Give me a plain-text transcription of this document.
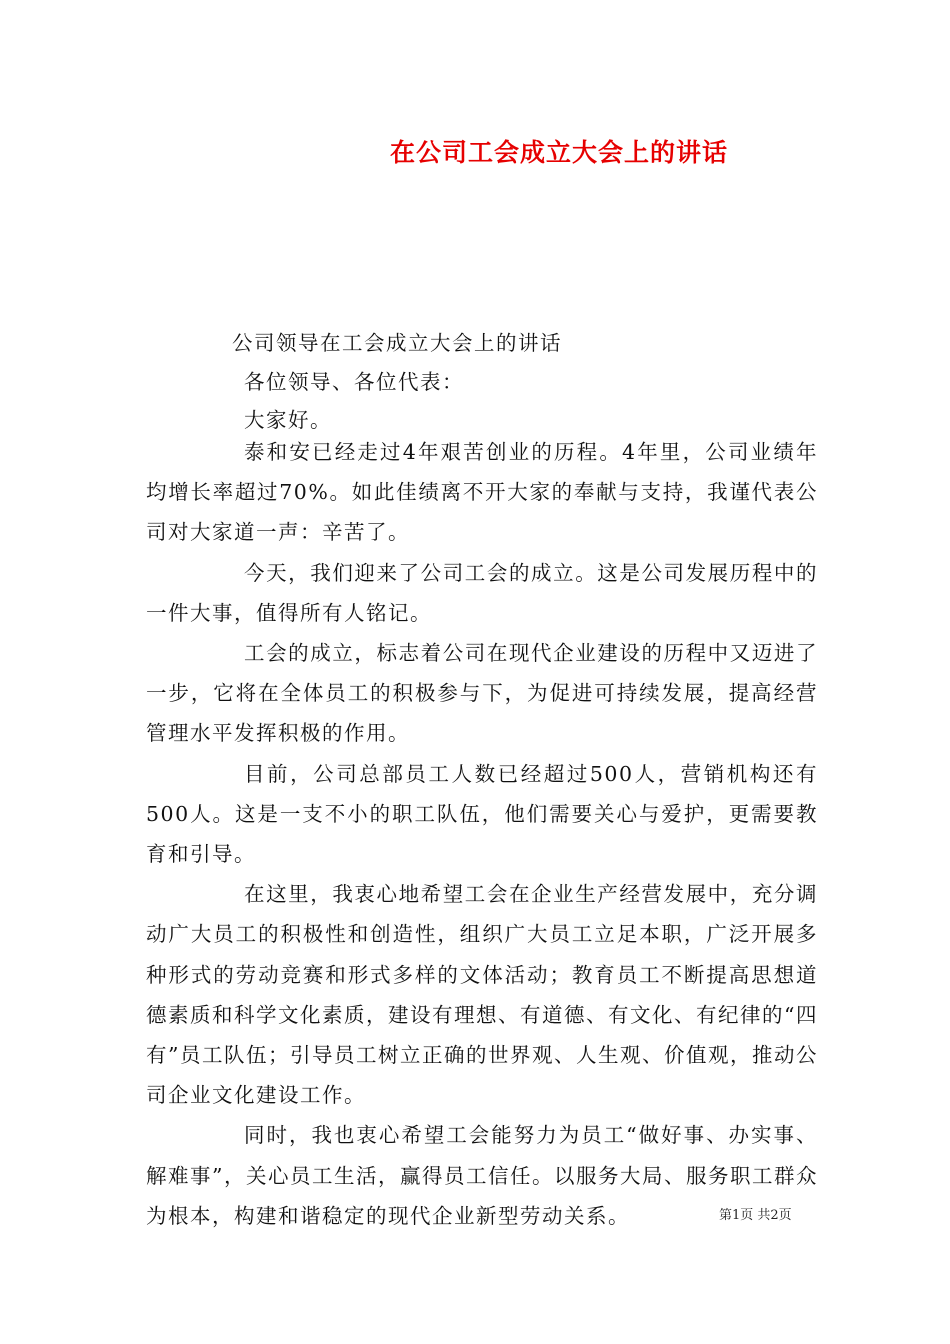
在公司工会成立大会上的讲话
公司领导在工会成立大会上的讲话
各位领导、各位代表：
大家好。

泰和安已经走过4年艰苦创业的历程。4年里，公司业绩年均增长率超过70%。如此佳绩离不开大家的奉献与支持，我谨代表公司对大家道一声：辛苦了。

今天，我们迎来了公司工会的成立。这是公司发展历程中的一件大事，值得所有人铭记。

工会的成立，标志着公司在现代企业建设的历程中又迈进了一步，它将在全体员工的积极参与下，为促进可持续发展，提高经营管理水平发挥积极的作用。

目前，公司总部员工人数已经超过500人，营销机构还有500人。这是一支不小的职工队伍，他们需要关心与爱护，更需要教育和引导。

在这里，我衷心地希望工会在企业生产经营发展中，充分调动广大员工的积极性和创造性，组织广大员工立足本职，广泛开展多种形式的劳动竞赛和形式多样的文体活动；教育员工不断提高思想道德素质和科学文化素质，建设有理想、有道德、有文化、有纪律的“四有”员工队伍；引导员工树立正确的世界观、人生观、价值观，推动公司企业文化建设工作。

同时，我也衷心希望工会能努力为员工“做好事、办实事、解难事”，关心员工生活，赢得员工信任。以服务大局、服务职工群众为根本，构建和谐稳定的现代企业新型劳动关系。	第1页 共2页
